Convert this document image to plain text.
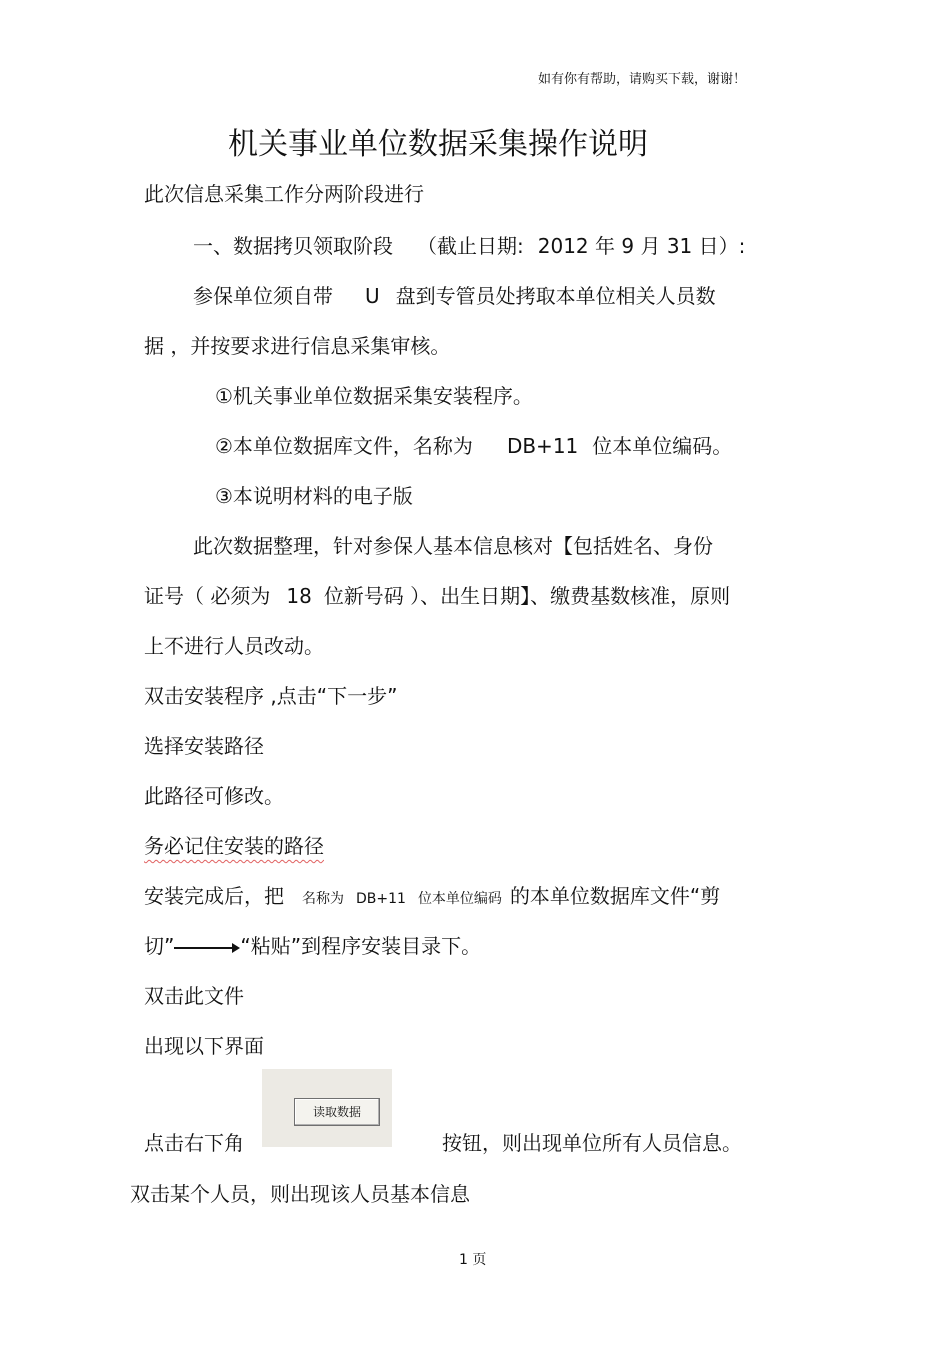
如有你有帮助，请购买下载，谢谢！
机关事业单位数据采集操作说明
此次信息采集工作分两阶段进行
一、数据拷贝领取阶段 （截止日期: 2012 年 9 月 31 日）:
参保单位须自带 U 盘到专管员处拷取本单位相关人员数
据 ，并按要求进行信息采集审核。
①机关事业单位数据采集安装程序。
②本单位数据库文件，名称为 DB+11 位本单位编码。
③本说明材料的电子版
此次数据整理，针对参保人基本信息核对【包括姓名、身份
证号（ 必须为 18 位新号码 ）、出生日期】、缴费基数核准，原则
上不进行人员改动。
双击安装程序 ,点击“下一步”
选择安装路径
此路径可修改。
务必记住安装的路径
安装完成后，把 名称为 DB+11 位本单位编码 的本单位数据库文件“剪
切”	“粘贴”到程序安装目录下。
双击此文件
出现以下界面
点击右下角
读取数据
按钮，则出现单位所有人员信息。
双击某个人员，则出现该人员基本信息
1 页
